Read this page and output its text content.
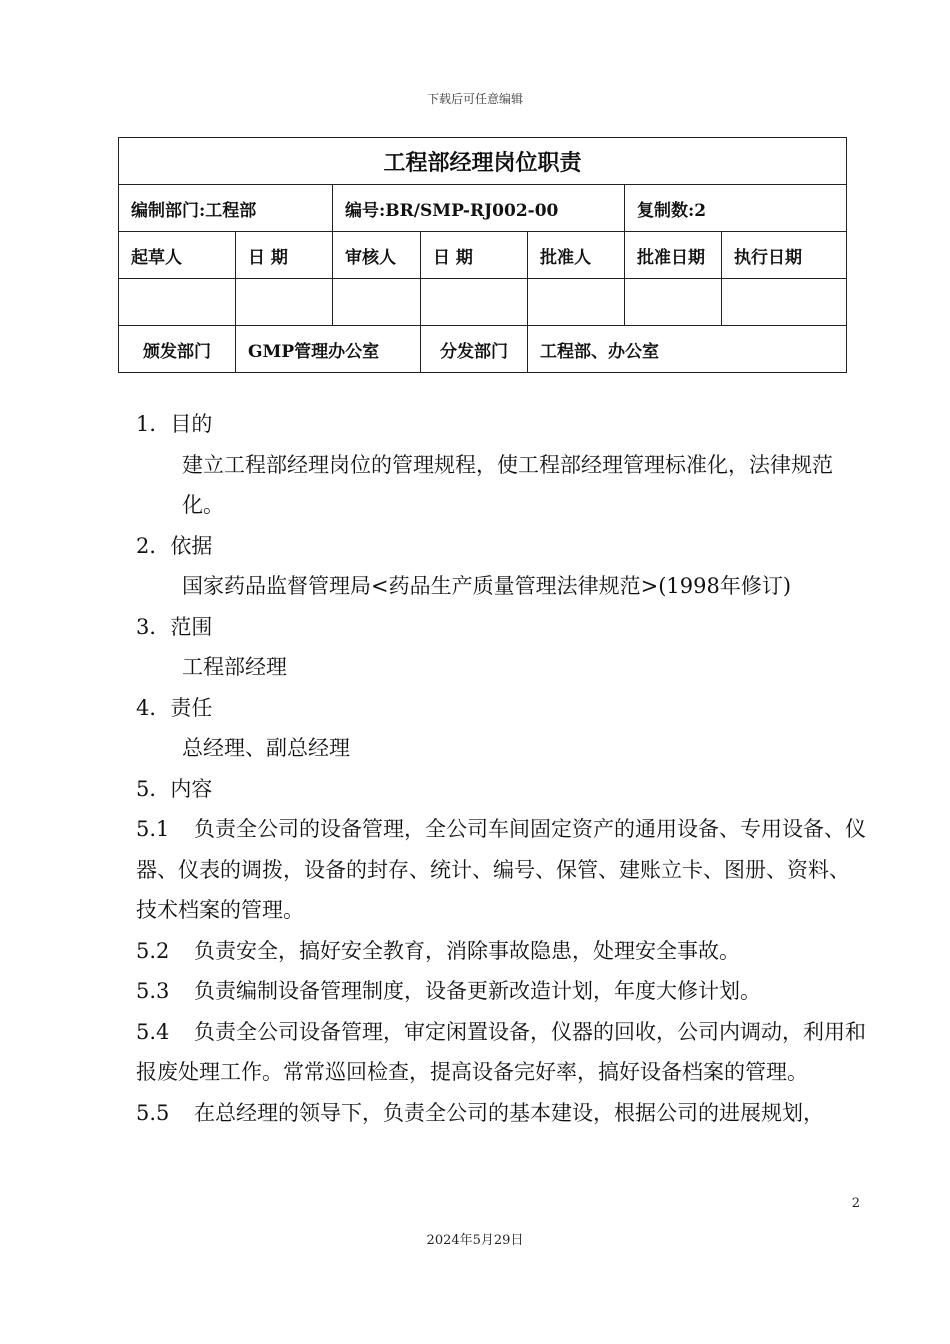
下载后可任意编辑
工程部经理岗位职责						
编制部门:工程部		编号:BR/SMP-RJ002-00			复制数:2	
起草人	日 期	审核人	日 期	批准人	批准日期	执行日期

颁发部门	GMP管理办公室		分发部门	工程部、办公室		

1．目的

建立工程部经理岗位的管理规程，使工程部经理管理标准化，法律规范化。

2．依据

国家药品监督管理局<药品生产质量管理法律规范>(1998年修订)

3．范围

工程部经理

4．责任

总经理、副总经理

5．内容

5.1 负责全公司的设备管理，全公司车间固定资产的通用设备、专用设备、仪器、仪表的调拨，设备的封存、统计、编号、保管、建账立卡、图册、资料、技术档案的管理。

5.2 负责安全，搞好安全教育，消除事故隐患，处理安全事故。

5.3 负责编制设备管理制度，设备更新改造计划，年度大修计划。

5.4 负责全公司设备管理，审定闲置设备，仪器的回收，公司内调动，利用和报废处理工作。常常巡回检查，提高设备完好率，搞好设备档案的管理。

5.5 在总经理的领导下，负责全公司的基本建设，根据公司的进展规划，

2
2024年5月29日
